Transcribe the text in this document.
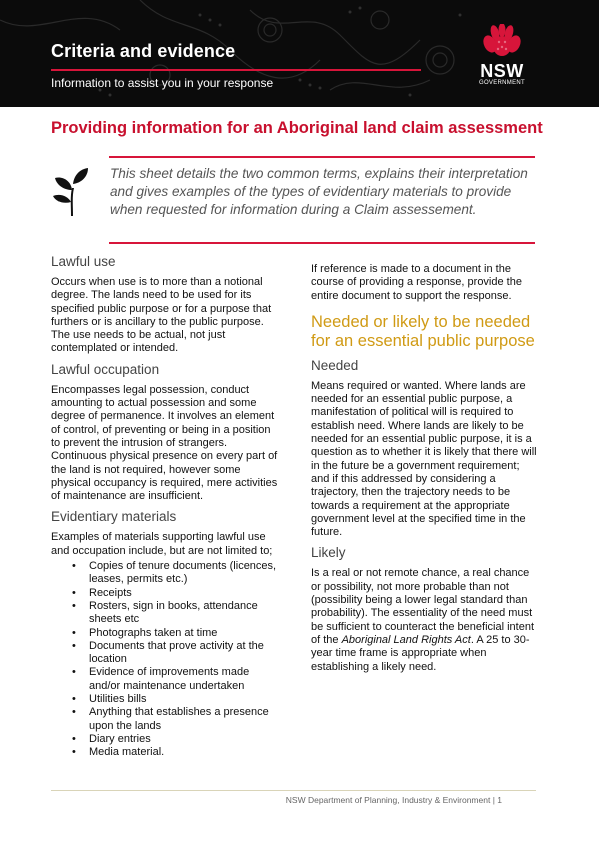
Criteria and evidence
Information to assist you in your response
NSW
GOVERNMENT
Providing information for an Aboriginal land claim assessment
This sheet details the two common terms, explains their interpretation and gives examples of the types of evidentiary materials to provide when requested for information during a Claim assessement.
Lawful use
Occurs when use is to more than a notional degree. The lands need to be used for its specified public purpose or for a purpose that furthers or is ancillary to the public purpose. The use needs to be actual, not just contemplated or intended.
Lawful occupation
Encompasses legal possession, conduct amounting to actual possession and some degree of permanence. It involves an element of control, of preventing or being in a position to prevent the intrusion of strangers. Continuous physical presence on every part of the land is not required, however some physical occupancy is required, mere activities of maintenance are insufficient.
Evidentiary materials
Examples of materials supporting lawful use and occupation include, but are not limited to;
• Copies of tenure documents (licences, leases, permits etc.)
• Receipts
• Rosters, sign in books, attendance sheets etc
• Photographs taken at time
• Documents that prove activity at the location
• Evidence of improvements made and/or maintenance undertaken
• Utilities bills
• Anything that establishes a presence upon the lands
• Diary entries
• Media material.
If reference is made to a document in the course of providing a response, provide the entire document to support the response.
Needed or likely to be needed for an essential public purpose
Needed
Means required or wanted. Where lands are needed for an essential public purpose, a manifestation of political will is required to establish need. Where lands are likely to be needed for an essential public purpose, it is a question as to whether it is likely that there will in the future be a government requirement; and if this addressed by considering a trajectory, then the trajectory needs to be towards a requirement at the appropriate government level at the specified time in the future.
Likely
Is a real or not remote chance, a real chance or possibility, not more probable than not (possibility being a lower legal standard than probability). The essentiality of the need must be sufficient to counteract the beneficial intent of the Aboriginal Land Rights Act. A 25 to 30-year time frame is appropriate when establishing a likely need.
NSW Department of Planning, Industry & Environment | 1
